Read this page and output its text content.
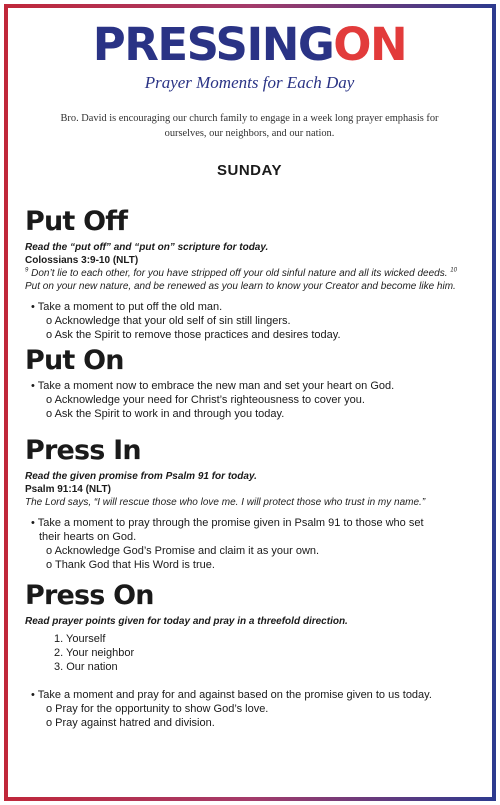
PRESSINGON
Prayer Moments for Each Day
Bro. David is encouraging our church family to engage in a week long prayer emphasis for ourselves, our neighbors, and our nation.
SUNDAY
Put Off
Read the “put off” and “put on” scripture for today.
Colossians 3:9-10 (NLT)
$^9$ Don’t lie to each other, for you have stripped off your old sinful nature and all its wicked deeds. $^{10}$ Put on your new nature, and be renewed as you learn to know your Creator and become like him.
• Take a moment to put off the old man.
o Acknowledge that your old self of sin still lingers.
o Ask the Spirit to remove those practices and desires today.
Put On
• Take a moment now to embrace the new man and set your heart on God.
o Acknowledge your need for Christ’s righteousness to cover you.
o Ask the Spirit to work in and through you today.
Press In
Read the given promise from Psalm 91 for today.
Psalm 91:14 (NLT)
The Lord says, “I will rescue those who love me. I will protect those who trust in my name.”
• Take a moment to pray through the promise given in Psalm 91 to those who set their hearts on God.
o Acknowledge God’s Promise and claim it as your own.
o Thank God that His Word is true.
Press On
Read prayer points given for today and pray in a threefold direction.
1. Yourself
2. Your neighbor
3. Our nation
• Take a moment and pray for and against based on the promise given to us today.
o Pray for the opportunity to show God’s love.
o Pray against hatred and division.
